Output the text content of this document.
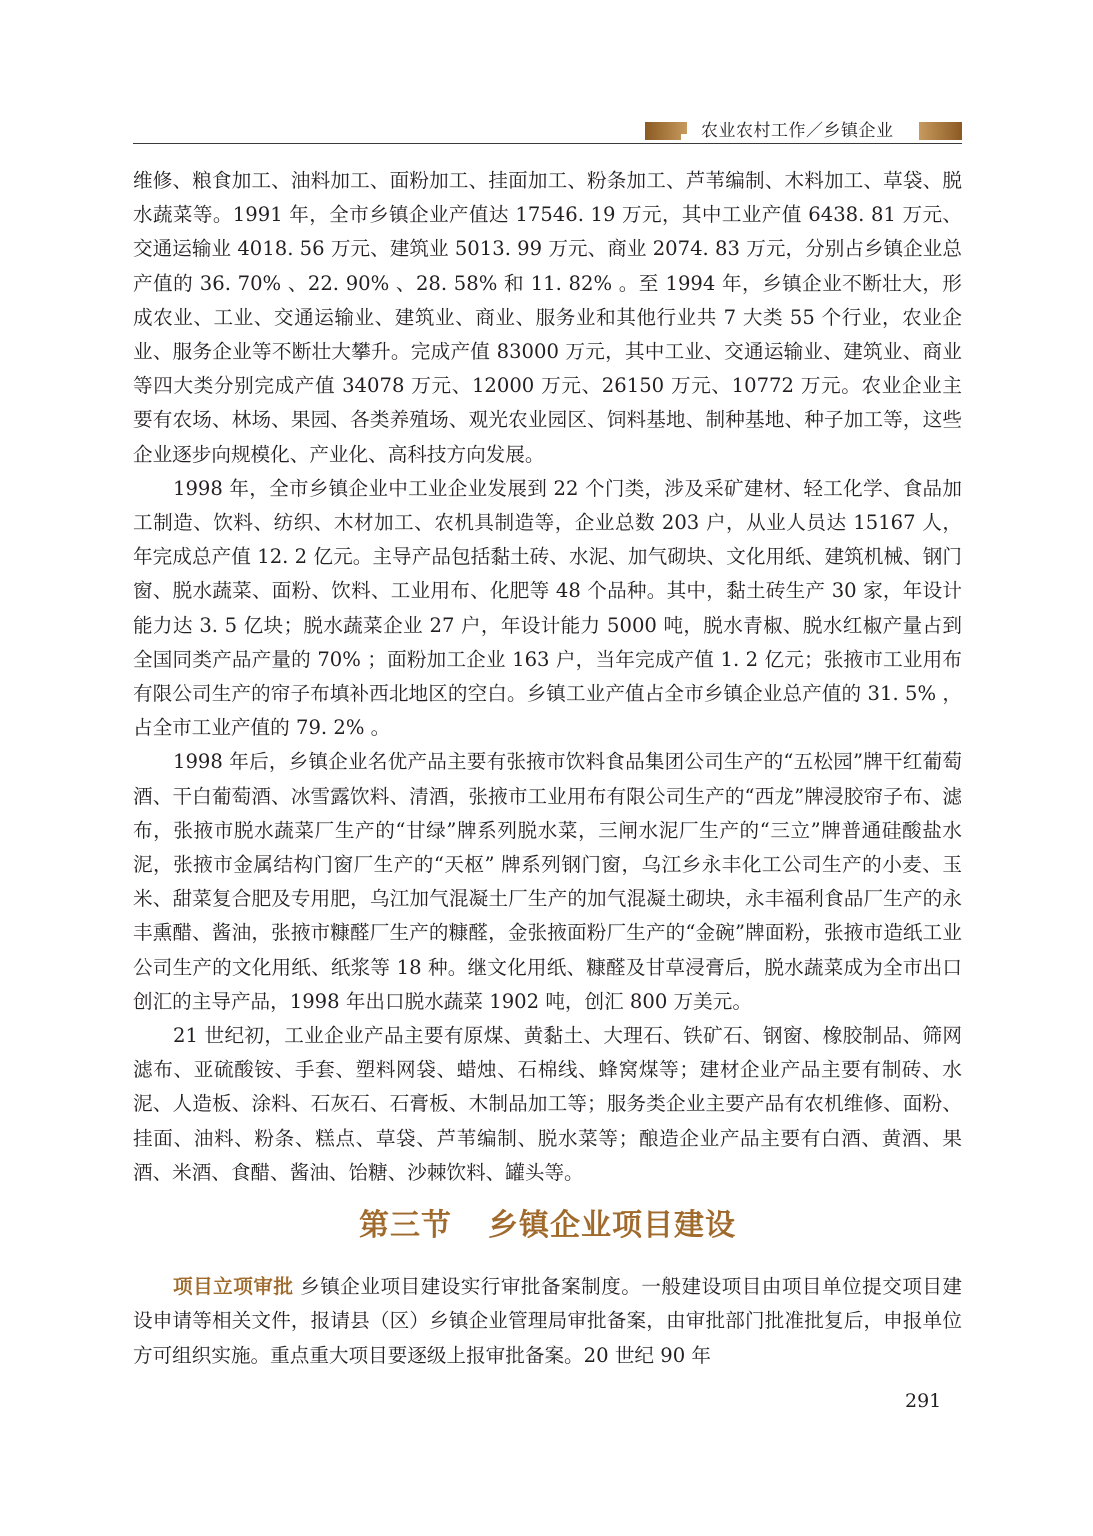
农业农村工作／乡镇企业

维修、粮食加工、油料加工、面粉加工、挂面加工、粉条加工、芦苇编制、木料加工、草袋、脱水蔬菜等。1991 年，全市乡镇企业产值达 17546. 19 万元，其中工业产值 6438. 81 万元、交通运输业 4018. 56 万元、建筑业 5013. 99 万元、商业 2074. 83 万元，分别占乡镇企业总产值的 36. 70% 、22. 90% 、28. 58% 和 11. 82% 。至 1994 年，乡镇企业不断壮大，形成农业、工业、交通运输业、建筑业、商业、服务业和其他行业共 7 大类 55 个行业，农业企业、服务企业等不断壮大攀升。完成产值 83000 万元，其中工业、交通运输业、建筑业、商业等四大类分别完成产值 34078 万元、12000 万元、26150 万元、10772 万元。农业企业主要有农场、林场、果园、各类养殖场、观光农业园区、饲料基地、制种基地、种子加工等，这些企业逐步向规模化、产业化、高科技方向发展。

1998 年，全市乡镇企业中工业企业发展到 22 个门类，涉及采矿建材、轻工化学、食品加工制造、饮料、纺织、木材加工、农机具制造等，企业总数 203 户，从业人员达 15167 人，年完成总产值 12. 2 亿元。主导产品包括黏土砖、水泥、加气砌块、文化用纸、建筑机械、钢门窗、脱水蔬菜、面粉、饮料、工业用布、化肥等 48 个品种。其中，黏土砖生产 30 家，年设计能力达 3. 5 亿块；脱水蔬菜企业 27 户，年设计能力 5000 吨，脱水青椒、脱水红椒产量占到全国同类产品产量的 70% ；面粉加工企业 163 户，当年完成产值 1. 2 亿元；张掖市工业用布有限公司生产的帘子布填补西北地区的空白。乡镇工业产值占全市乡镇企业总产值的 31. 5% ，占全市工业产值的 79. 2% 。

1998 年后，乡镇企业名优产品主要有张掖市饮料食品集团公司生产的“五松园”牌干红葡萄酒、干白葡萄酒、冰雪露饮料、清酒，张掖市工业用布有限公司生产的“西龙”牌浸胶帘子布、滤布，张掖市脱水蔬菜厂生产的“甘绿”牌系列脱水菜，三闸水泥厂生产的“三立”牌普通硅酸盐水泥，张掖市金属结构门窗厂生产的“天枢” 牌系列钢门窗，乌江乡永丰化工公司生产的小麦、玉米、甜菜复合肥及专用肥，乌江加气混凝土厂生产的加气混凝土砌块，永丰福利食品厂生产的永丰熏醋、酱油，张掖市糠醛厂生产的糠醛，金张掖面粉厂生产的“金碗”牌面粉，张掖市造纸工业公司生产的文化用纸、纸浆等 18 种。继文化用纸、糠醛及甘草浸膏后，脱水蔬菜成为全市出口创汇的主导产品，1998 年出口脱水蔬菜 1902 吨，创汇 800 万美元。

21 世纪初，工业企业产品主要有原煤、黄黏土、大理石、铁矿石、钢窗、橡胶制品、筛网滤布、亚硫酸铵、手套、塑料网袋、蜡烛、石棉线、蜂窝煤等；建材企业产品主要有制砖、水泥、人造板、涂料、石灰石、石膏板、木制品加工等；服务类企业主要产品有农机维修、面粉、挂面、油料、粉条、糕点、草袋、芦苇编制、脱水菜等；酿造企业产品主要有白酒、黄酒、果酒、米酒、食醋、酱油、饴糖、沙棘饮料、罐头等。

第三节 乡镇企业项目建设

项目立项审批 乡镇企业项目建设实行审批备案制度。一般建设项目由项目单位提交项目建设申请等相关文件，报请县（区）乡镇企业管理局审批备案，由审批部门批准批复后，申报单位方可组织实施。重点重大项目要逐级上报审批备案。20 世纪 90 年

291
